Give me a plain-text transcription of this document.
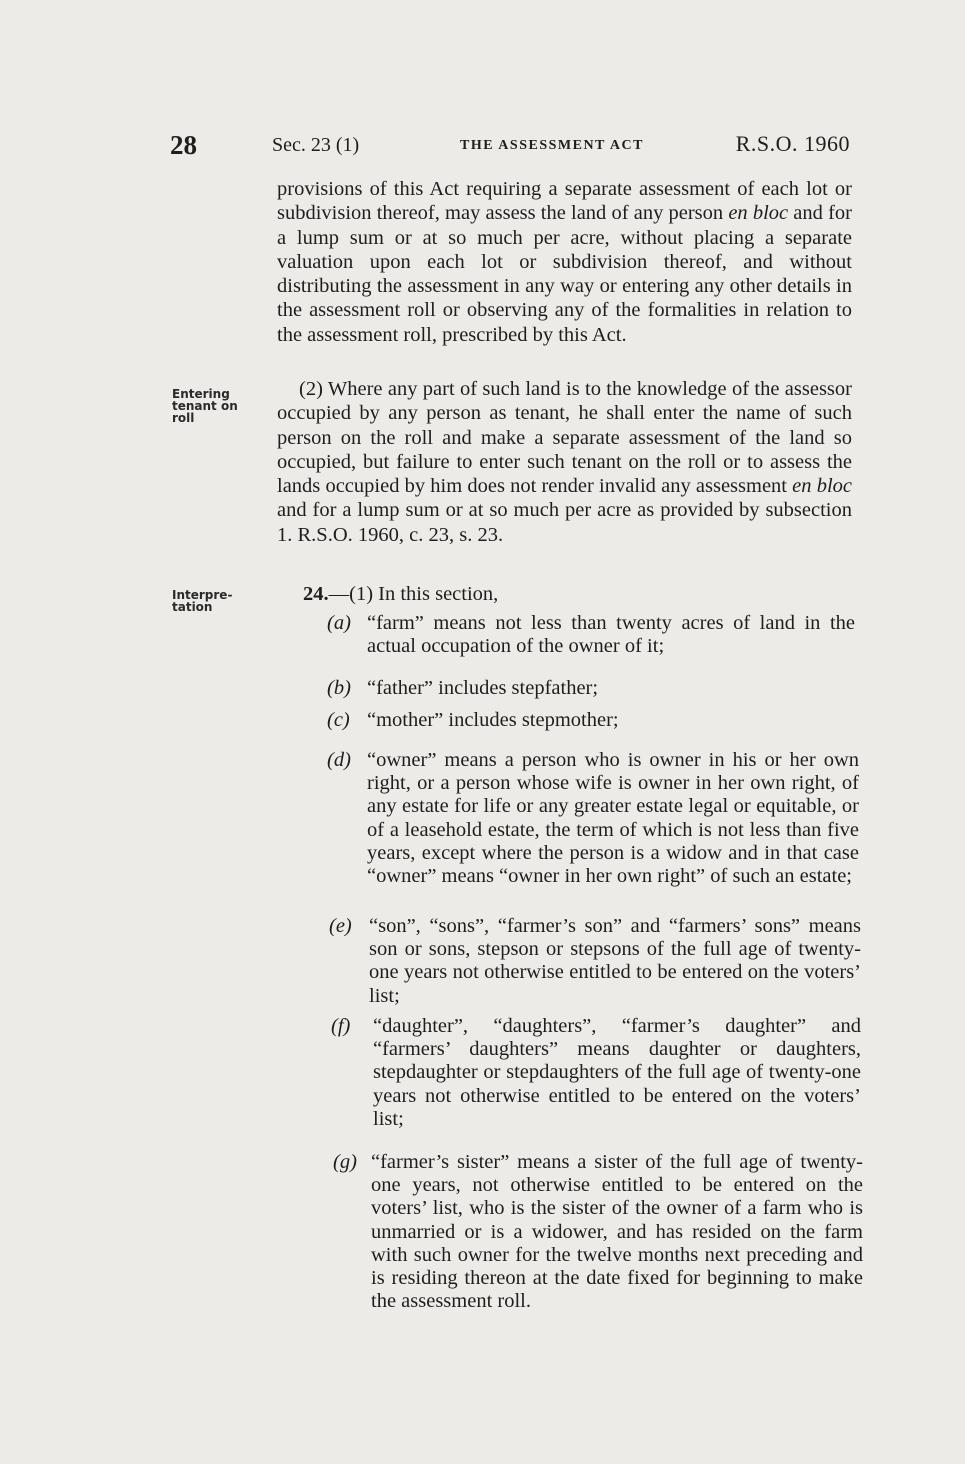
28	Sec. 23 (1)	THE ASSESSMENT ACT	R.S.O. 1960

provisions of this Act requiring a separate assessment of each lot or subdivision thereof, may assess the land of any person en bloc and for a lump sum or at so much per acre, without placing a separate valuation upon each lot or subdivision thereof, and without distributing the assessment in any way or entering any other details in the assessment roll or observing any of the formalities in relation to the assessment roll, prescribed by this Act.

Entering tenant on roll

(2) Where any part of such land is to the knowledge of the assessor occupied by any person as tenant, he shall enter the name of such person on the roll and make a separate assessment of the land so occupied, but failure to enter such tenant on the roll or to assess the lands occupied by him does not render invalid any assessment en bloc and for a lump sum or at so much per acre as provided by subsection 1. R.S.O. 1960, c. 23, s. 23.

Interpre-tation
24.—(1) In this section,
(a) “farm” means not less than twenty acres of land in the actual occupation of the owner of it;
(b) “father” includes stepfather;
(c) “mother” includes stepmother;
(d) “owner” means a person who is owner in his or her own right, or a person whose wife is owner in her own right, of any estate for life or any greater estate legal or equitable, or of a leasehold estate, the term of which is not less than five years, except where the person is a widow and in that case “owner” means “owner in her own right” of such an estate;
(e) “son”, “sons”, “farmer’s son” and “farmers’ sons” means son or sons, stepson or stepsons of the full age of twenty-one years not otherwise entitled to be entered on the voters’ list;
(f) “daughter”, “daughters”, “farmer’s daughter” and “farmers’ daughters” means daughter or daughters, stepdaughter or stepdaughters of the full age of twenty-one years not otherwise entitled to be entered on the voters’ list;
(g) “farmer’s sister” means a sister of the full age of twenty-one years, not otherwise entitled to be entered on the voters’ list, who is the sister of the owner of a farm who is unmarried or is a widower, and has resided on the farm with such owner for the twelve months next preceding and is residing thereon at the date fixed for beginning to make the assessment roll.
